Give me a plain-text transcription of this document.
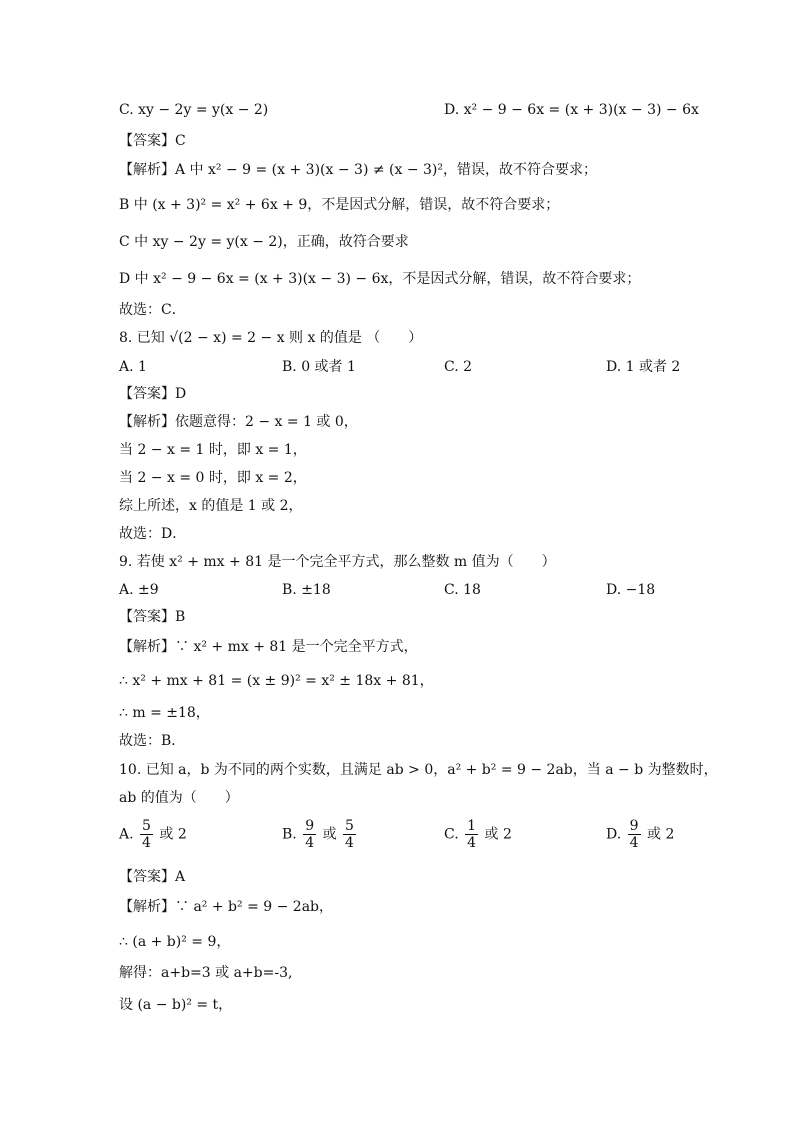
C. xy − 2y = y(x − 2)	D. x² − 9 − 6x = (x + 3)(x − 3) − 6x
【答案】C
【解析】A 中 x² − 9 = (x + 3)(x − 3) ≠ (x − 3)²，错误，故不符合要求；
B 中 (x + 3)² = x² + 6x + 9，不是因式分解，错误，故不符合要求；
C 中 xy − 2y = y(x − 2)，正确，故符合要求
D 中 x² − 9 − 6x = (x + 3)(x − 3) − 6x，不是因式分解，错误，故不符合要求；
故选：C．
8. 已知 √(2 − x) = 2 − x 则 x 的值是 （　　）
A. 1	B. 0 或者 1	C. 2	D. 1 或者 2
【答案】D
【解析】依题意得：2 − x = 1 或 0，
当 2 − x = 1 时，即 x = 1，
当 2 − x = 0 时，即 x = 2，
综上所述，x 的值是 1 或 2，
故选：D．
9. 若使 x² + mx + 81 是一个完全平方式，那么整数 m 值为（　　）
A. ±9	B. ±18	C. 18	D. −18
【答案】B
【解析】∵ x² + mx + 81 是一个完全平方式，
∴ x² + mx + 81 = (x ± 9)² = x² ± 18x + 81，
∴ m = ±18，
故选：B．
10. 已知 a，b 为不同的两个实数，且满足 ab > 0，a² + b² = 9 − 2ab，当 a − b 为整数时，
ab 的值为（　　）
A. $\frac{5}{4}$ 或 2	B. $\frac{9}{4}$ 或 $\frac{5}{4}$	C. $\frac{1}{4}$ 或 2	D. $\frac{9}{4}$ 或 2
【答案】A
【解析】∵ a² + b² = 9 − 2ab，
∴ (a + b)² = 9，
解得：a+b=3 或 a+b=-3,
设 (a − b)² = t，
